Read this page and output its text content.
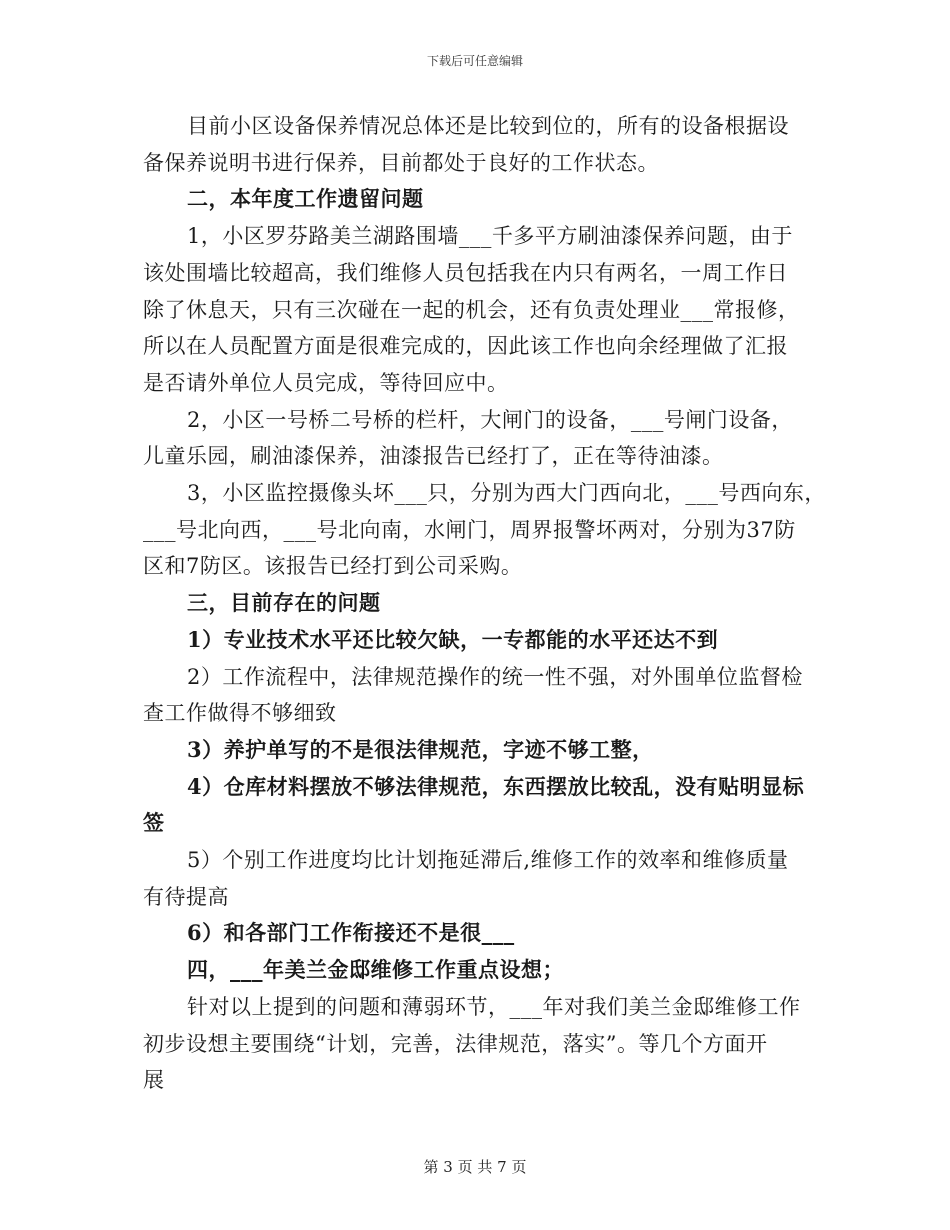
下载后可任意编辑
目前小区设备保养情况总体还是比较到位的，所有的设备根据设
备保养说明书进行保养，目前都处于良好的工作状态。
二，本年度工作遗留问题
1，小区罗芬路美兰湖路围墙___千多平方刷油漆保养问题，由于
该处围墙比较超高，我们维修人员包括我在内只有两名，一周工作日
除了休息天，只有三次碰在一起的机会，还有负责处理业___常报修，
所以在人员配置方面是很难完成的，因此该工作也向余经理做了汇报
是否请外单位人员完成，等待回应中。
2，小区一号桥二号桥的栏杆，大闸门的设备，___号闸门设备，
儿童乐园，刷油漆保养，油漆报告已经打了，正在等待油漆。
3，小区监控摄像头坏___只，分别为西大门西向北，___号西向东，
___号北向西，___号北向南，水闸门，周界报警坏两对，分别为37防
区和7防区。该报告已经打到公司采购。
三，目前存在的问题
1）专业技术水平还比较欠缺，一专都能的水平还达不到
2）工作流程中，法律规范操作的统一性不强，对外围单位监督检
查工作做得不够细致
3）养护单写的不是很法律规范，字迹不够工整，
4）仓库材料摆放不够法律规范，东西摆放比较乱，没有贴明显标
签
5）个别工作进度均比计划拖延滞后,维修工作的效率和维修质量
有待提高
6）和各部门工作衔接还不是很___
四，___年美兰金邸维修工作重点设想；
针对以上提到的问题和薄弱环节，___年对我们美兰金邸维修工作
初步设想主要围绕“计划，完善，法律规范，落实”。等几个方面开
展
第 3 页 共 7 页
